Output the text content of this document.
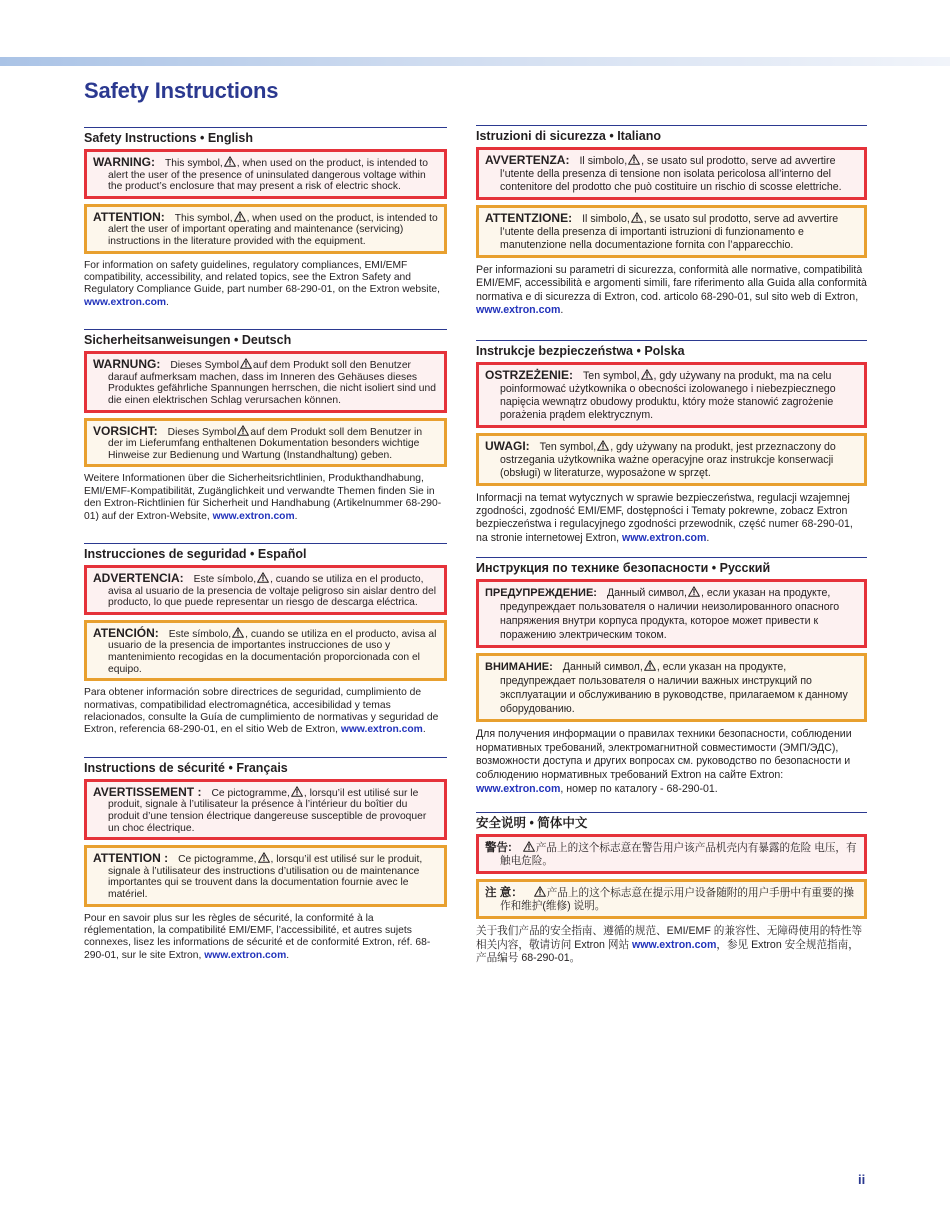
Safety Instructions
Safety Instructions • English

WARNING: This symbol, , when used on the product, is intended to alert the user of the presence of uninsulated dangerous voltage within the product’s enclosure that may present a risk of electric shock.

ATTENTION: This symbol, , when used on the product, is intended to alert the user of important operating and maintenance (servicing) instructions in the literature provided with the equipment.

For information on safety guidelines, regulatory compliances, EMI/EMF compatibility, accessibility, and related topics, see the Extron Safety and Regulatory Compliance Guide, part number 68-290-01, on the Extron website, www.extron.com.

Sicherheitsanweisungen • Deutsch

WARNUNG: Dieses Symbol auf dem Produkt soll den Benutzer darauf aufmerksam machen, dass im Inneren des Gehäuses dieses Produktes gefährliche Spannungen herrschen, die nicht isoliert sind und die einen elektrischen Schlag verursachen können.

VORSICHT: Dieses Symbol auf dem Produkt soll dem Benutzer in der im Lieferumfang enthaltenen Dokumentation besonders wichtige Hinweise zur Bedienung und Wartung (Instandhaltung) geben.

Weitere Informationen über die Sicherheitsrichtlinien, Produkthandhabung, EMI/EMF-Kompatibilität, Zugänglichkeit und verwandte Themen finden Sie in den Extron-Richtlinien für Sicherheit und Handhabung (Artikelnummer 68-290-01) auf der Extron-Website, www.extron.com.

Instrucciones de seguridad • Español

ADVERTENCIA: Este símbolo, , cuando se utiliza en el producto, avisa al usuario de la presencia de voltaje peligroso sin aislar dentro del producto, lo que puede representar un riesgo de descarga eléctrica.

ATENCIÓN: Este símbolo, , cuando se utiliza en el producto, avisa al usuario de la presencia de importantes instrucciones de uso y mantenimiento recogidas en la documentación proporcionada con el equipo.

Para obtener información sobre directrices de seguridad, cumplimiento de normativas, compatibilidad electromagnética, accesibilidad y temas relacionados, consulte la Guía de cumplimiento de normativas y seguridad de Extron, referencia 68-290-01, en el sitio Web de Extron, www.extron.com.

Instructions de sécurité • Français

AVERTISSEMENT : Ce pictogramme, , lorsqu’il est utilisé sur le produit, signale à l’utilisateur la présence à l’intérieur du boîtier du produit d’une tension électrique dangereuse susceptible de provoquer un choc électrique.

ATTENTION : Ce pictogramme, , lorsqu’il est utilisé sur le produit, signale à l’utilisateur des instructions d’utilisation ou de maintenance importantes qui se trouvent dans la documentation fournie avec le matériel.

Pour en savoir plus sur les règles de sécurité, la conformité à la réglementation, la compatibilité EMI/EMF, l’accessibilité, et autres sujets connexes, lisez les informations de sécurité et de conformité Extron, réf. 68-290-01, sur le site Extron, www.extron.com.

Istruzioni di sicurezza • Italiano

AVVERTENZA: Il simbolo, , se usato sul prodotto, serve ad avvertire l’utente della presenza di tensione non isolata pericolosa all’interno del contenitore del prodotto che può costituire un rischio di scosse elettriche.

ATTENTZIONE: Il simbolo, , se usato sul prodotto, serve ad avvertire l’utente della presenza di importanti istruzioni di funzionamento e manutenzione nella documentazione fornita con l’apparecchio.

Per informazioni su parametri di sicurezza, conformità alle normative, compatibilità EMI/EMF, accessibilità e argomenti simili, fare riferimento alla Guida alla conformità normativa e di sicurezza di Extron, cod. articolo 68-290-01, sul sito web di Extron, www.extron.com.

Instrukcje bezpieczeństwa • Polska

OSTRZEŻENIE: Ten symbol, , gdy używany na produkt, ma na celu poinformować użytkownika o obecności izolowanego i niebezpiecznego napięcia wewnątrz obudowy produktu, który może stanowić zagrożenie porażenia prądem elektrycznym.

UWAGI: Ten symbol, , gdy używany na produkt, jest przeznaczony do ostrzegania użytkownika ważne operacyjne oraz instrukcje konserwacji (obsługi) w literaturze, wyposażone w sprzęt.

Informacji na temat wytycznych w sprawie bezpieczeństwa, regulacji wzajemnej zgodności, zgodność EMI/EMF, dostępności i Tematy pokrewne, zobacz Extron bezpieczeństwa i regulacyjnego zgodności przewodnik, część numer 68-290-01, na stronie internetowej Extron, www.extron.com.

Инструкция по технике безопасности • Русский

ПРЕДУПРЕЖДЕНИЕ: Данный символ, , если указан на продукте, предупреждает пользователя о наличии неизолированного опасного напряжения внутри корпуса продукта, которое может привести к поражению электрическим током.

ВНИМАНИЕ: Данный символ, , если указан на продукте, предупреждает пользователя о наличии важных инструкций по эксплуатации и обслуживанию в руководстве, прилагаемом к данному оборудованию.

Для получения информации о правилах техники безопасности, соблюдении нормативных требований, электромагнитной совместимости (ЭМП/ЭДС), возможности доступа и других вопросах см. руководство по безопасности и соблюдению нормативных требований Extron на сайте Extron: www.extron.com, номер по каталогу - 68-290-01.

安全说明 • 简体中文

警告: 产品上的这个标志意在警告用户该产品机壳内有暴露的危险 电压，有触电危险。

注 意： 产品上的这个标志意在提示用户设备随附的用户手册中有重要的操作和维护(维修) 说明。

关于我们产品的安全指南、遵循的规范、EMI/EMF 的兼容性、无障碍使用的特性等相关内容，敬请访问 Extron 网站 www.extron.com，参见 Extron 安全规范指南，产品编号 68-290-01。

ii
